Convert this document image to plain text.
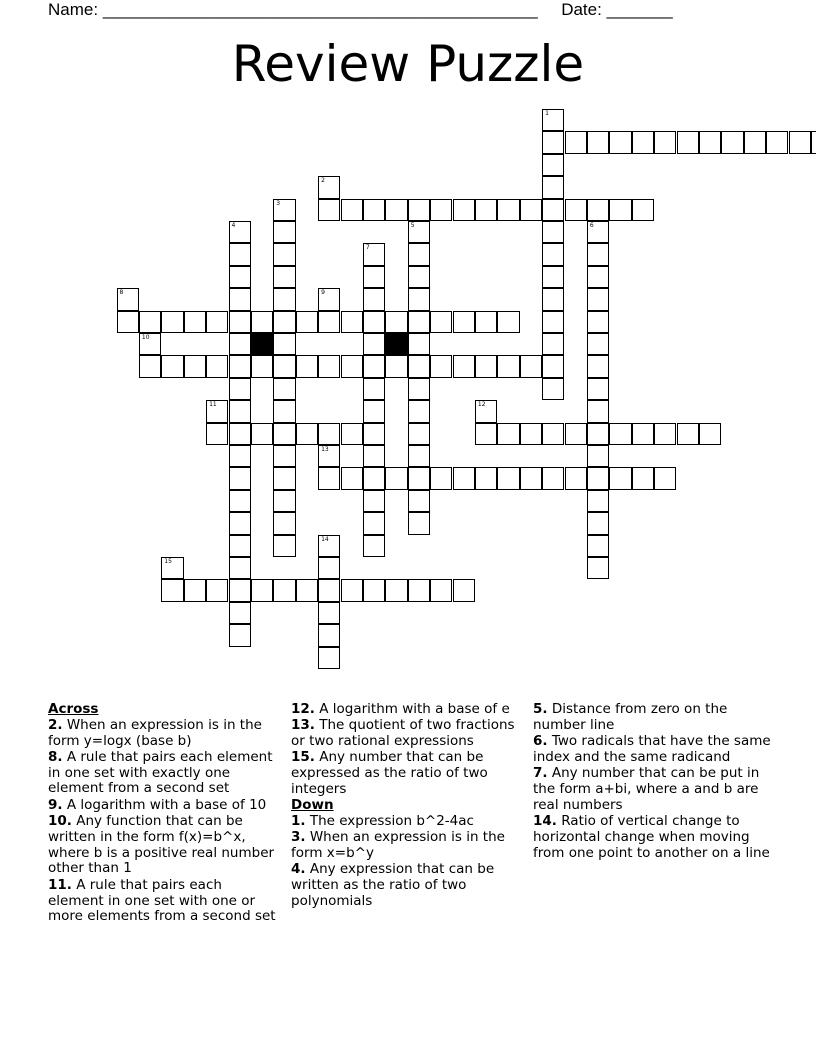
Name: ______________________________________________ Date: _______
Review Puzzle
1
2
3
4	5	6
7
8	9
10
11	12
13
14
15
Across
2. When an expression is in the form y=logx (base b)
8. A rule that pairs each element in one set with exactly one element from a second set
9. A logarithm with a base of 10
10. Any function that can be written in the form f(x)=b^x, where b is a positive real number other than 1
11. A rule that pairs each element in one set with one or more elements from a second set
12. A logarithm with a base of e
13. The quotient of two fractions or two rational expressions
15. Any number that can be expressed as the ratio of two integers
Down
1. The expression b^2-4ac
3. When an expression is in the form x=b^y
4. Any expression that can be written as the ratio of two polynomials
5. Distance from zero on the number line
6. Two radicals that have the same index and the same radicand
7. Any number that can be put in the form a+bi, where a and b are real numbers
14. Ratio of vertical change to horizontal change when moving from one point to another on a line
